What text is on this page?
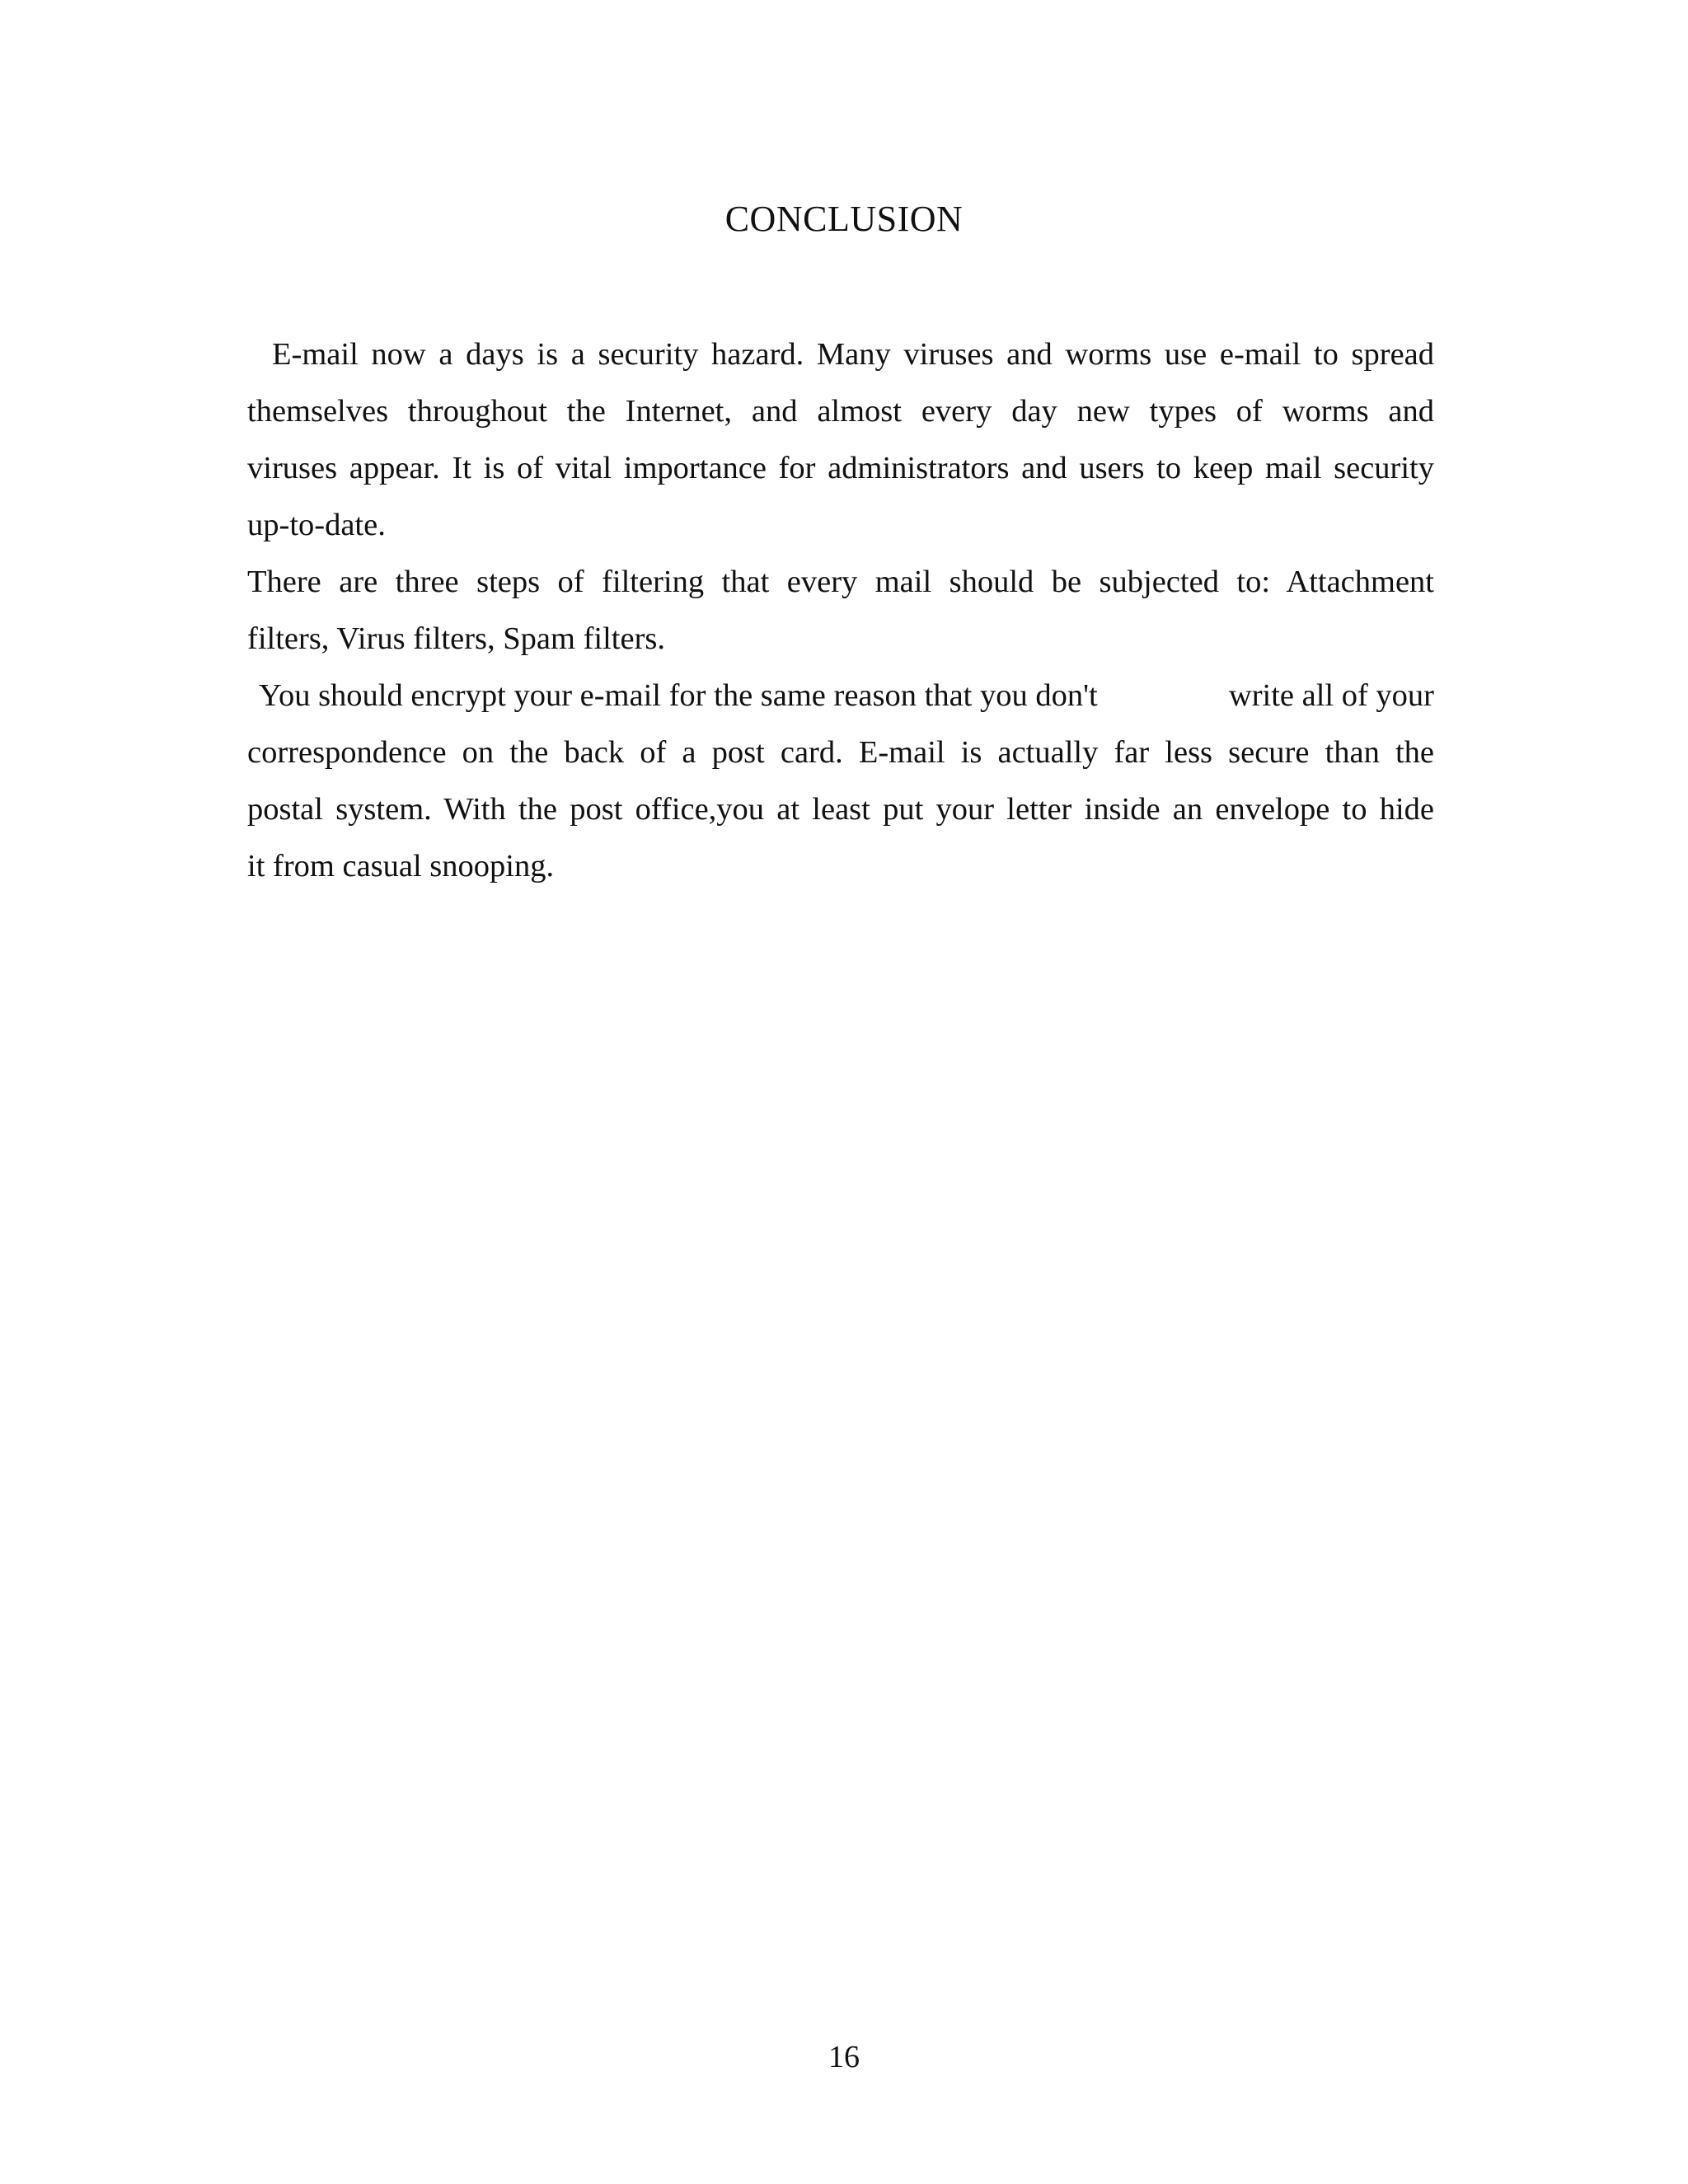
CONCLUSION
E-mail now a days is a security hazard. Many viruses and worms use e-mail to spread
themselves throughout the Internet, and almost every day new types of worms and
viruses appear. It is of vital importance for administrators and users to keep mail security
up-to-date.
There are three steps of filtering that every mail should be subjected to: Attachment
filters, Virus filters, Spam filters.
You should encrypt your e-mail for the same reason that you don't	write all of your
correspondence on the back of a post card. E-mail is actually far less secure than the
postal system. With the post office,you at least put your letter inside an envelope to hide
it from casual snooping.
16
